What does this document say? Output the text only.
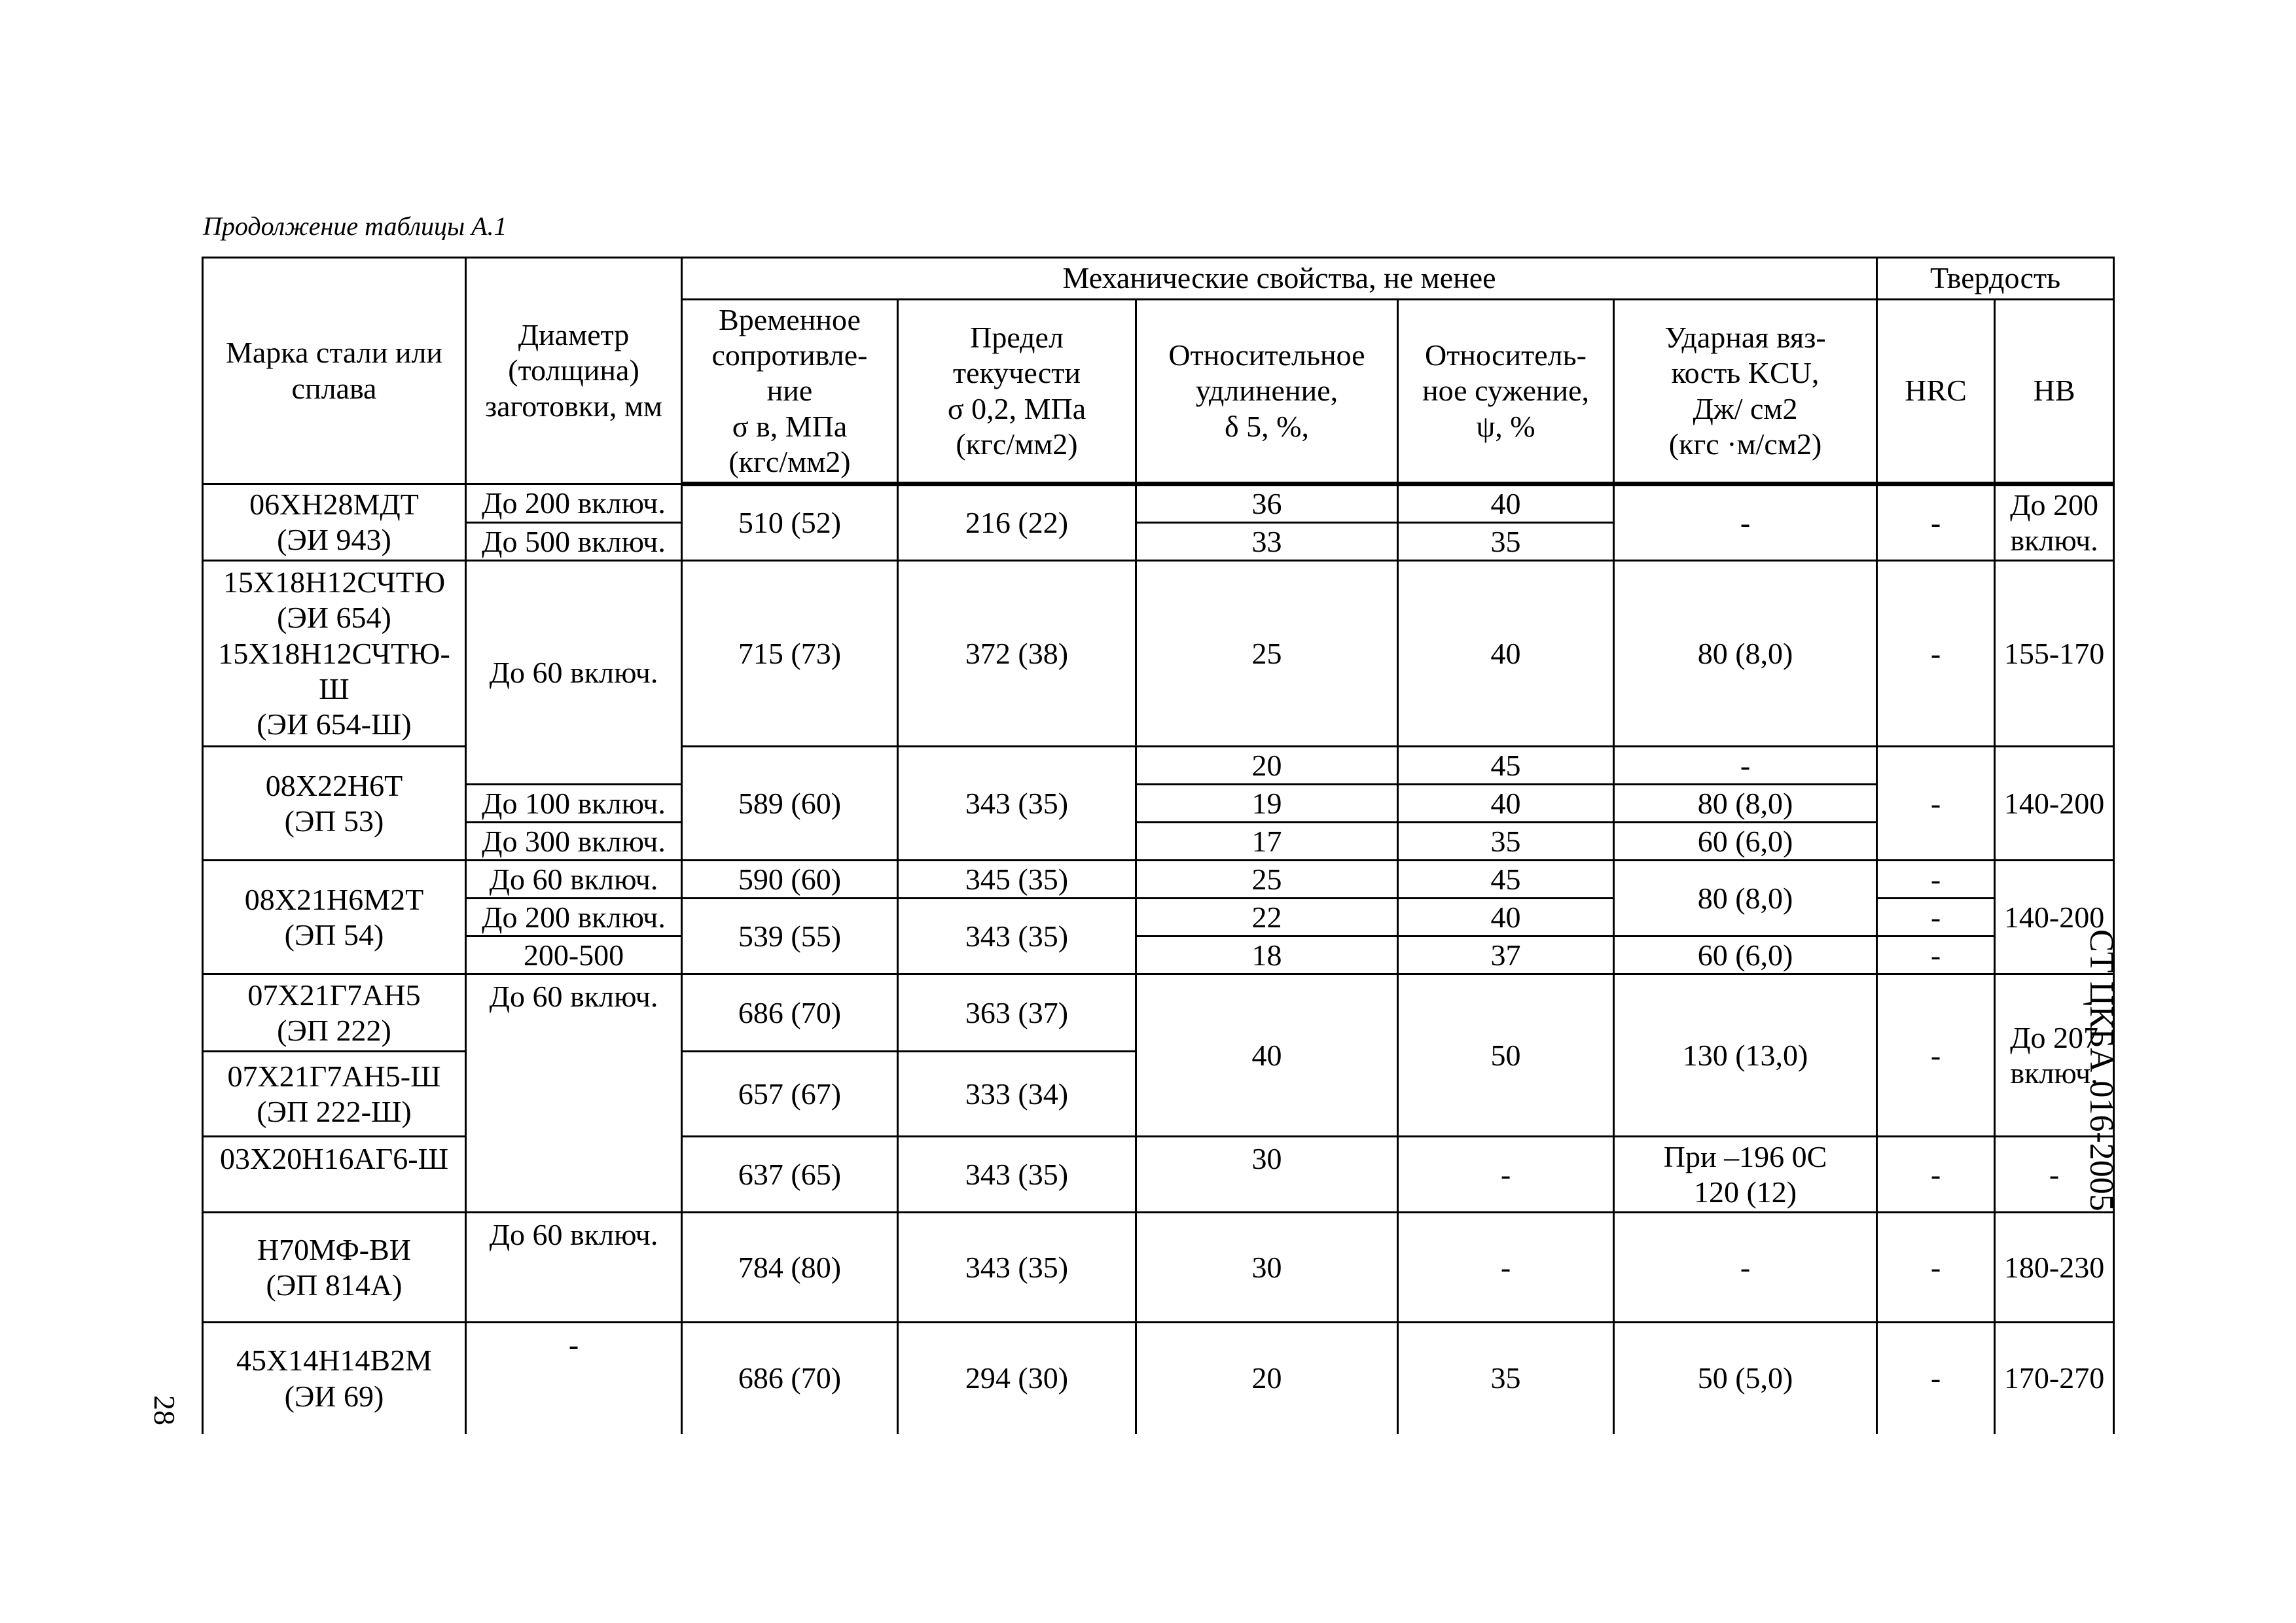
Продолжение таблицы А.1
Марка стали или сплава	Диаметр (толщина) заготовки, мм	Механические свойства, не менее					Твердость	
		Временное
сопротивле-
ние
σ в, МПа
(кгс/мм2)	Предел
текучести
σ 0,2, МПа
(кгс/мм2)	Относительное
удлинение,
δ 5, %,	Относитель-
ное сужение,
ψ, %	Ударная вяз-
кость KCU,
Дж/ см2
(кгс ·м/см2)	HRC	HB
06ХН28МДТ
(ЭИ 943)	До 200 включ.	510 (52)	216 (22)	36	40	-	-	До 200
включ.
	До 500 включ.			33	35			
15Х18Н12СЧТЮ
(ЭИ 654)
15Х18Н12СЧТЮ-
Ш
(ЭИ 654-Ш)	До 60 включ.	715 (73)	372 (38)	25	40	80 (8,0)	-	155-170
08Х22Н6Т
(ЭП 53)		589 (60)	343 (35)	20	45	-	-	140-200
	До 100 включ.			19	40	80 (8,0)		
	До 300 включ.			17	35	60 (6,0)		
08Х21Н6М2Т
(ЭП 54)	До 60 включ.	590 (60)	345 (35)	25	45	80 (8,0)	-	140-200
	До 200 включ.	539 (55)	343 (35)	22	40		-	
	200-500			18	37	60 (6,0)	-	
07Х21Г7АН5
(ЭП 222)	До 60 включ.	686 (70)	363 (37)	40	50	130 (13,0)	-	До 207
включ.
07Х21Г7АН5-Ш
(ЭП 222-Ш)		657 (67)	333 (34)					
03Х20Н16АГ6-Ш		637 (65)	343 (35)	30	-	При –196 0С
120 (12)	-	-
Н70МФ-ВИ
(ЭП 814А)	До 60 включ.	784 (80)	343 (35)	30	-	-	-	180-230
45Х14Н14В2М
(ЭИ 69)	-	686 (70)	294 (30)	20	35	50 (5,0)	-	170-270
СТ ЦКБА 016-2005
28
